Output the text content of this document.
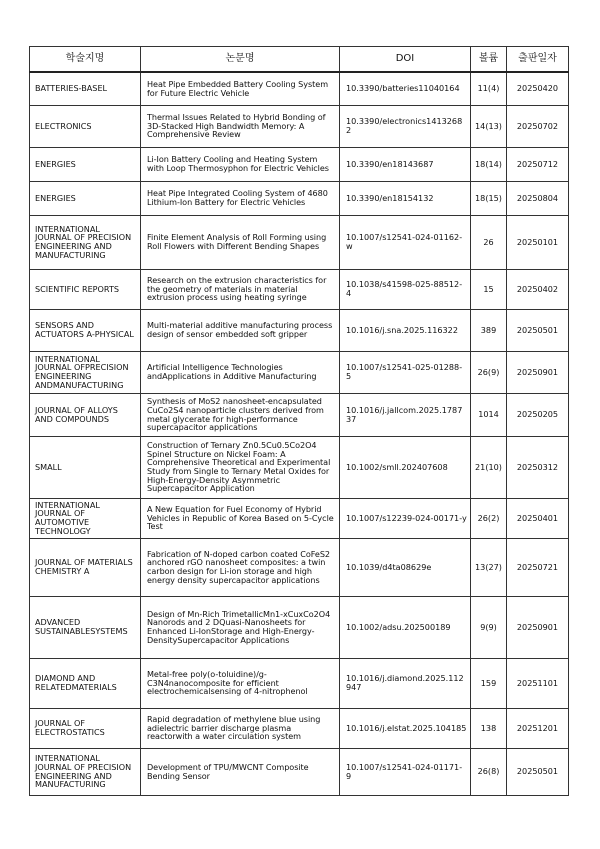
학술지명	논문명	DOI	볼륨	출판일자
BATTERIES-BASEL	Heat Pipe Embedded Battery Cooling System for Future Electric Vehicle	10.3390/batteries11040164	11(4)	20250420
ELECTRONICS	Thermal Issues Related to Hybrid Bonding of 3D-Stacked High Bandwidth Memory: A Comprehensive Review	10.3390/electronics14132682	14(13)	20250702
ENERGIES	Li-Ion Battery Cooling and Heating System with Loop Thermosyphon for Electric Vehicles	10.3390/en18143687	18(14)	20250712
ENERGIES	Heat Pipe Integrated Cooling System of 4680 Lithium-Ion Battery for Electric Vehicles	10.3390/en18154132	18(15)	20250804
INTERNATIONAL JOURNAL OF PRECISION ENGINEERING AND MANUFACTURING	Finite Element Analysis of Roll Forming using Roll Flowers with Different Bending Shapes	10.1007/s12541-024-01162-w	26	20250101
SCIENTIFIC REPORTS	Research on the extrusion characteristics for the geometry of materials in material extrusion process using heating syringe	10.1038/s41598-025-88512-4	15	20250402
SENSORS AND ACTUATORS A-PHYSICAL	Multi-material additive manufacturing process design of sensor embedded soft gripper	10.1016/j.sna.2025.116322	389	20250501
INTERNATIONAL JOURNAL OFPRECISION ENGINEERING ANDMANUFACTURING	Artificial Intelligence Technologies andApplications in Additive Manufacturing	10.1007/s12541-025-01288-5	26(9)	20250901
JOURNAL OF ALLOYS AND COMPOUNDS	Synthesis of MoS2 nanosheet-encapsulated CuCo2S4 nanoparticle clusters derived from metal glycerate for high-performance supercapacitor applications	10.1016/j.jallcom.2025.178737	1014	20250205
SMALL	Construction of Ternary Zn0.5Cu0.5Co2O4 Spinel Structure on Nickel Foam: A Comprehensive Theoretical and Experimental Study from Single to Ternary Metal Oxides for High-Energy-Density Asymmetric Supercapacitor Application	10.1002/smll.202407608	21(10)	20250312
INTERNATIONAL JOURNAL OF AUTOMOTIVE TECHNOLOGY	A New Equation for Fuel Economy of Hybrid Vehicles in Republic of Korea Based on 5-Cycle Test	10.1007/s12239-024-00171-y	26(2)	20250401
JOURNAL OF MATERIALS CHEMISTRY A	Fabrication of N-doped carbon coated CoFeS2 anchored rGO nanosheet composites: a twin carbon design for Li-ion storage and high energy density supercapacitor applications	10.1039/d4ta08629e	13(27)	20250721
ADVANCED SUSTAINABLESYSTEMS	Design of Mn-Rich TrimetallicMn1-xCuxCo2O4 Nanorods and 2 DQuasi-Nanosheets for Enhanced Li-IonStorage and High-Energy-DensitySupercapacitor Applications	10.1002/adsu.202500189	9(9)	20250901
DIAMOND AND RELATEDMATERIALS	Metal-free poly(o-toluidine)/g-C3N4nanocomposite for efficient electrochemicalsensing of 4-nitrophenol	10.1016/j.diamond.2025.112947	159	20251101
JOURNAL OF ELECTROSTATICS	Rapid degradation of methylene blue using adielectric barrier discharge plasma reactorwith a water circulation system	10.1016/j.elstat.2025.104185	138	20251201
INTERNATIONAL JOURNAL OF PRECISION ENGINEERING AND MANUFACTURING	Development of TPU/MWCNT Composite Bending Sensor	10.1007/s12541-024-01171-9	26(8)	20250501
